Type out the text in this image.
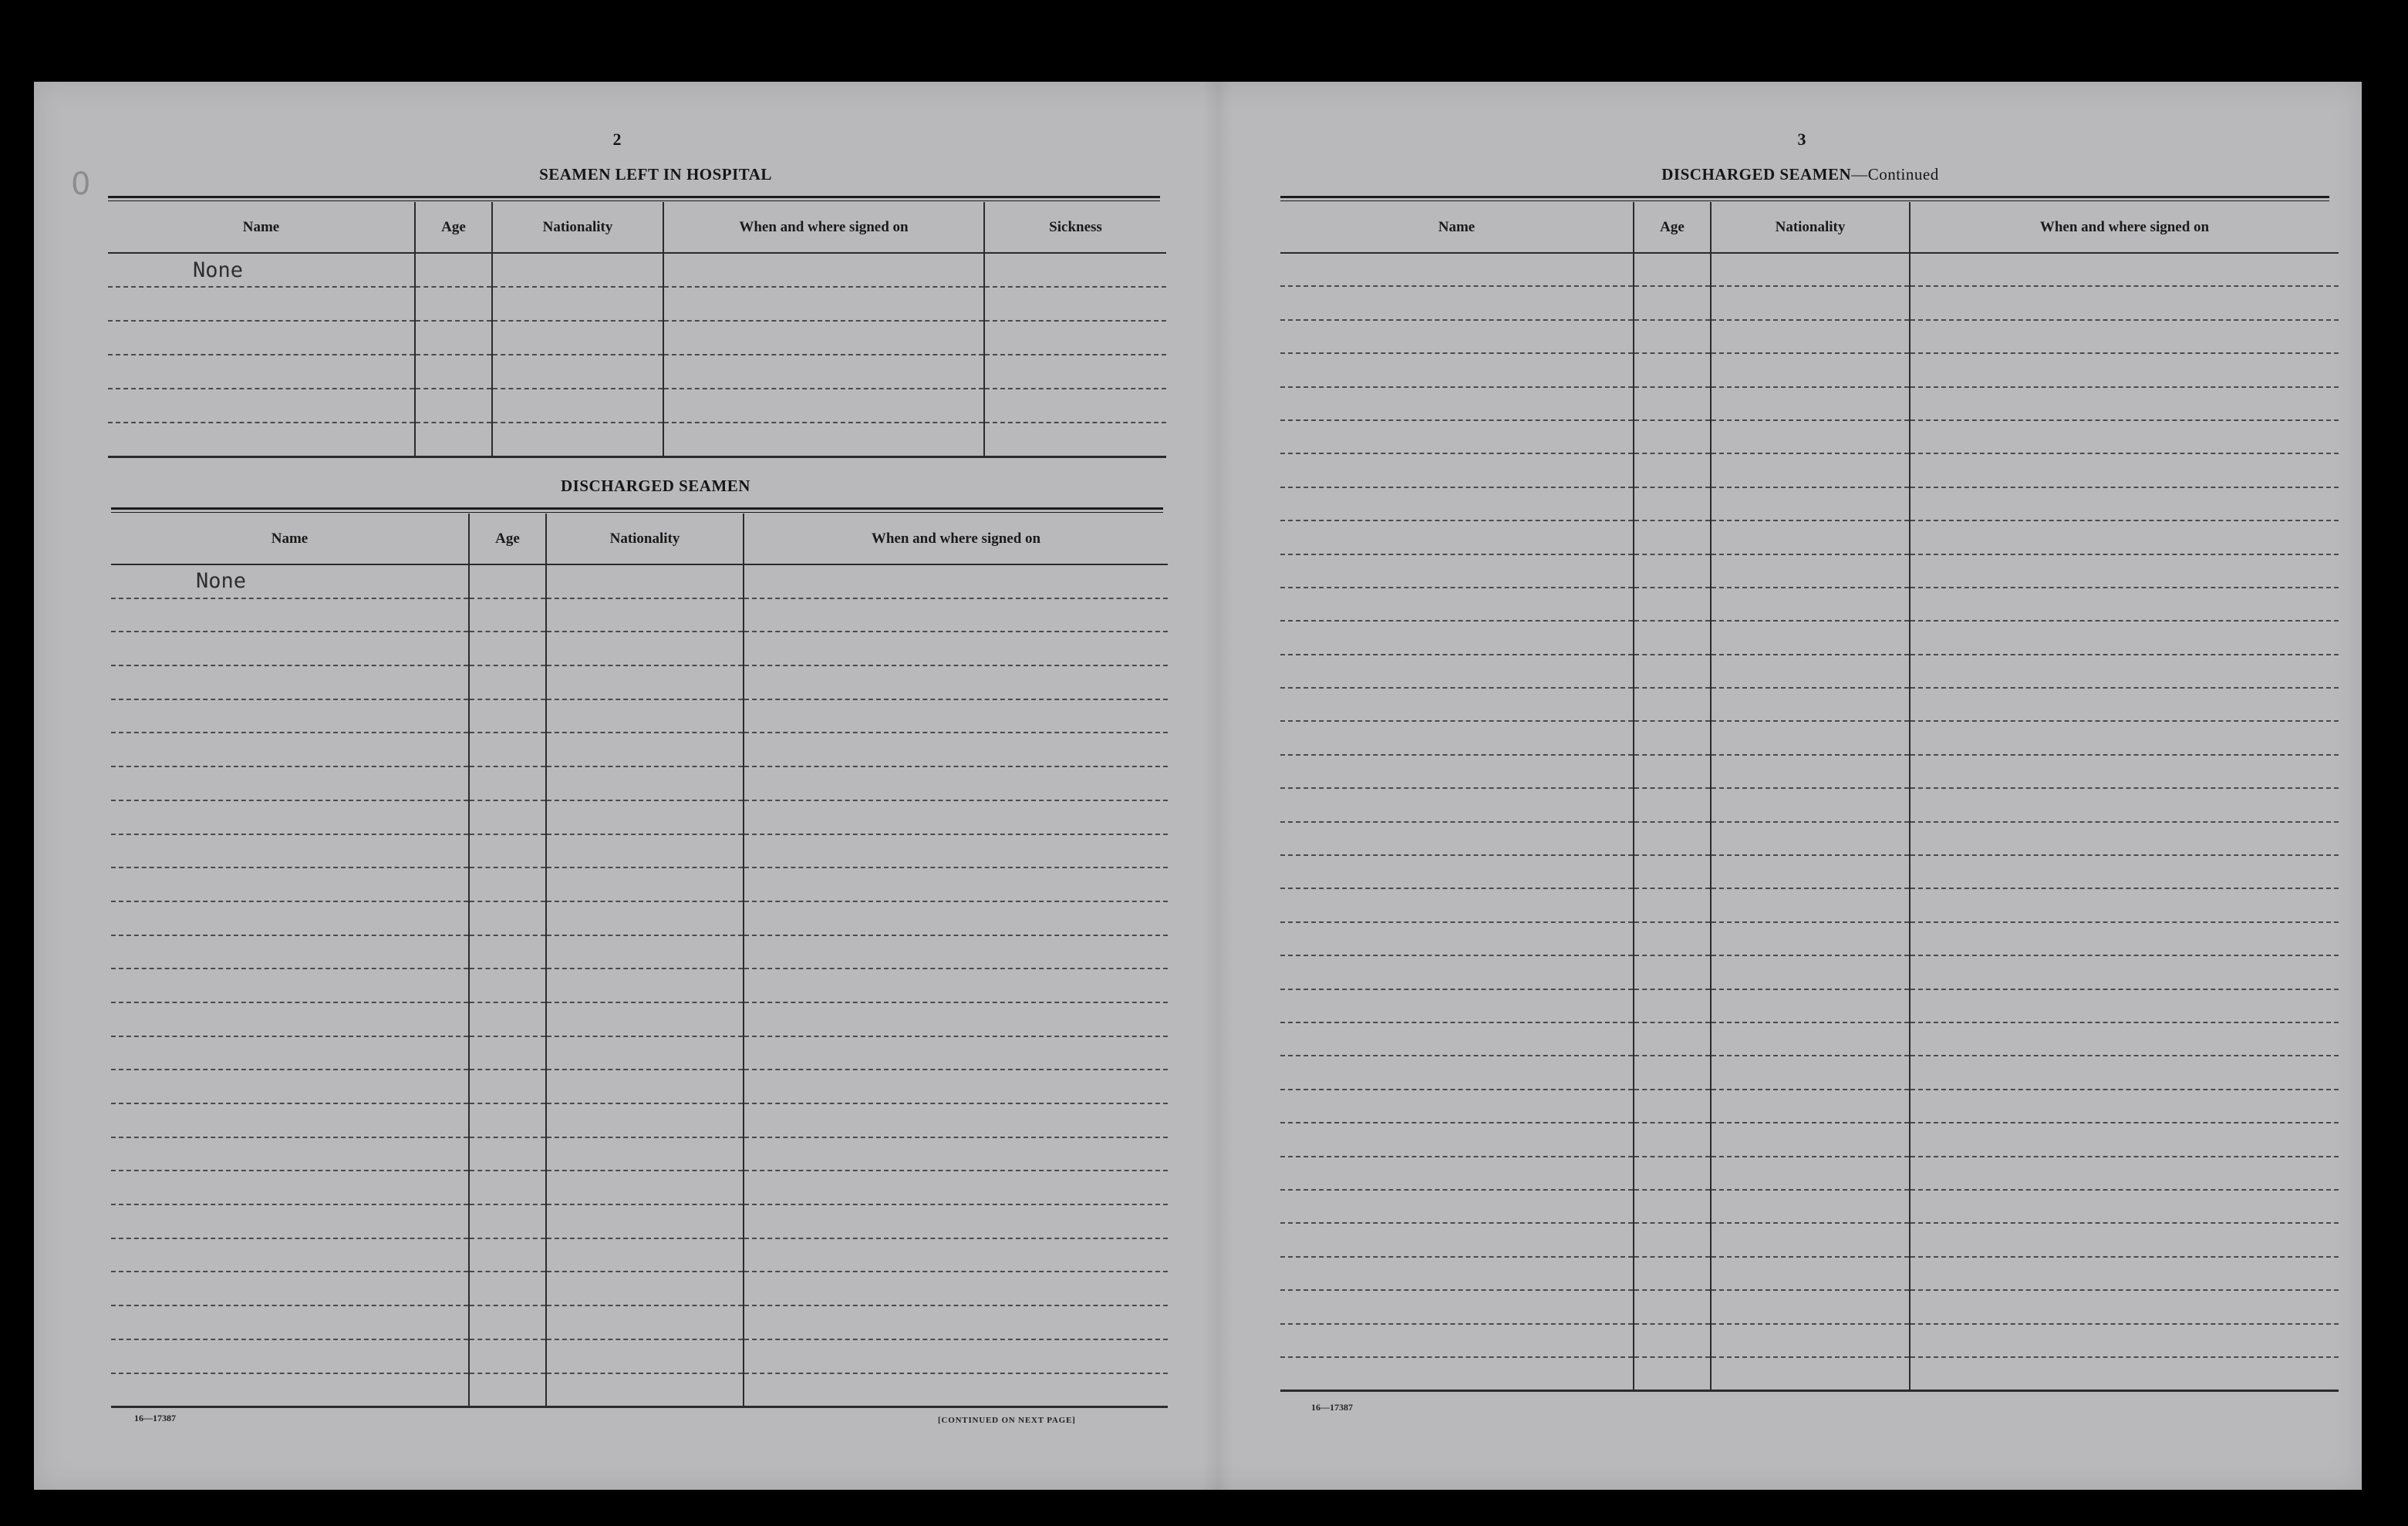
0
2
SEAMEN LEFT IN HOSPITAL
Name	Age	Nationality	When and where signed on	Sickness
None				

DISCHARGED SEAMEN
Name	Age	Nationality	When and where signed on
None			

16—17387	[CONTINUED ON NEXT PAGE]
3
DISCHARGED SEAMEN—Continued
Name	Age	Nationality	When and where signed on

16—17387
